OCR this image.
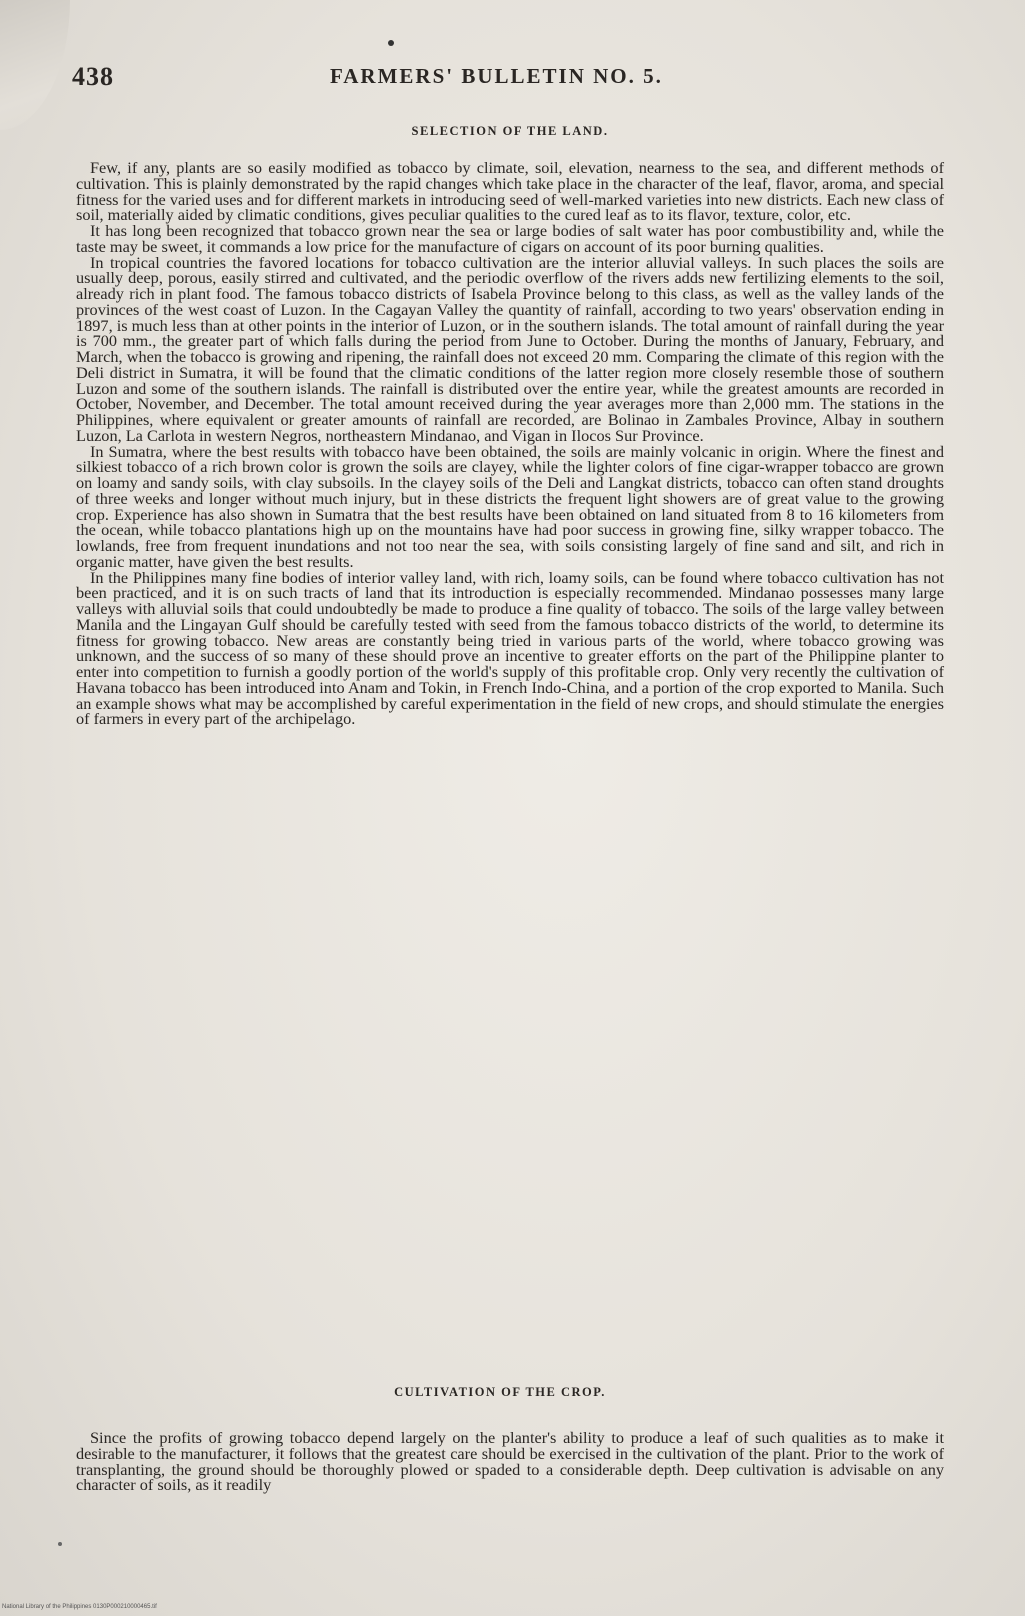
438	FARMERS' BULLETIN NO. 5.
SELECTION OF THE LAND.

Few, if any, plants are so easily modified as tobacco by climate, soil, elevation, nearness to the sea, and different methods of cultivation. This is plainly demonstrated by the rapid changes which take place in the character of the leaf, flavor, aroma, and special fitness for the varied uses and for different markets in introducing seed of well-marked varieties into new districts. Each new class of soil, materially aided by climatic conditions, gives peculiar qualities to the cured leaf as to its flavor, texture, color, etc.

It has long been recognized that tobacco grown near the sea or large bodies of salt water has poor combustibility and, while the taste may be sweet, it commands a low price for the manufacture of cigars on account of its poor burning qualities.

In tropical countries the favored locations for tobacco cultivation are the interior alluvial valleys. In such places the soils are usually deep, porous, easily stirred and cultivated, and the periodic overflow of the rivers adds new fertilizing elements to the soil, already rich in plant food. The famous tobacco districts of Isabela Province belong to this class, as well as the valley lands of the provinces of the west coast of Luzon. In the Cagayan Valley the quantity of rainfall, according to two years' observation ending in 1897, is much less than at other points in the interior of Luzon, or in the southern islands. The total amount of rainfall during the year is 700 mm., the greater part of which falls during the period from June to October. During the months of January, February, and March, when the tobacco is growing and ripening, the rainfall does not exceed 20 mm. Comparing the climate of this region with the Deli district in Sumatra, it will be found that the climatic conditions of the latter region more closely resemble those of southern Luzon and some of the southern islands. The rainfall is distributed over the entire year, while the greatest amounts are recorded in October, November, and December. The total amount received during the year averages more than 2,000 mm. The stations in the Philippines, where equivalent or greater amounts of rainfall are recorded, are Bolinao in Zambales Province, Albay in southern Luzon, La Carlota in western Negros, northeastern Mindanao, and Vigan in Ilocos Sur Province.

In Sumatra, where the best results with tobacco have been obtained, the soils are mainly volcanic in origin. Where the finest and silkiest tobacco of a rich brown color is grown the soils are clayey, while the lighter colors of fine cigar-wrapper tobacco are grown on loamy and sandy soils, with clay subsoils. In the clayey soils of the Deli and Langkat districts, tobacco can often stand droughts of three weeks and longer without much injury, but in these districts the frequent light showers are of great value to the growing crop. Experience has also shown in Sumatra that the best results have been obtained on land situated from 8 to 16 kilometers from the ocean, while tobacco plantations high up on the mountains have had poor success in growing fine, silky wrapper tobacco. The lowlands, free from frequent inundations and not too near the sea, with soils consisting largely of fine sand and silt, and rich in organic matter, have given the best results.

In the Philippines many fine bodies of interior valley land, with rich, loamy soils, can be found where tobacco cultivation has not been practiced, and it is on such tracts of land that its introduction is especially recommended. Mindanao possesses many large valleys with alluvial soils that could undoubtedly be made to produce a fine quality of tobacco. The soils of the large valley between Manila and the Lingayan Gulf should be carefully tested with seed from the famous tobacco districts of the world, to determine its fitness for growing tobacco. New areas are constantly being tried in various parts of the world, where tobacco growing was unknown, and the success of so many of these should prove an incentive to greater efforts on the part of the Philippine planter to enter into competition to furnish a goodly portion of the world's supply of this profitable crop. Only very recently the cultivation of Havana tobacco has been introduced into Anam and Tokin, in French Indo-China, and a portion of the crop exported to Manila. Such an example shows what may be accomplished by careful experimentation in the field of new crops, and should stimulate the energies of farmers in every part of the archipelago.

CULTIVATION OF THE CROP.

Since the profits of growing tobacco depend largely on the planter's ability to produce a leaf of such qualities as to make it desirable to the manufacturer, it follows that the greatest care should be exercised in the cultivation of the plant. Prior to the work of transplanting, the ground should be thoroughly plowed or spaded to a considerable depth. Deep cultivation is advisable on any character of soils, as it readily

National Library of the Philippines 0130P000210000465.tif
